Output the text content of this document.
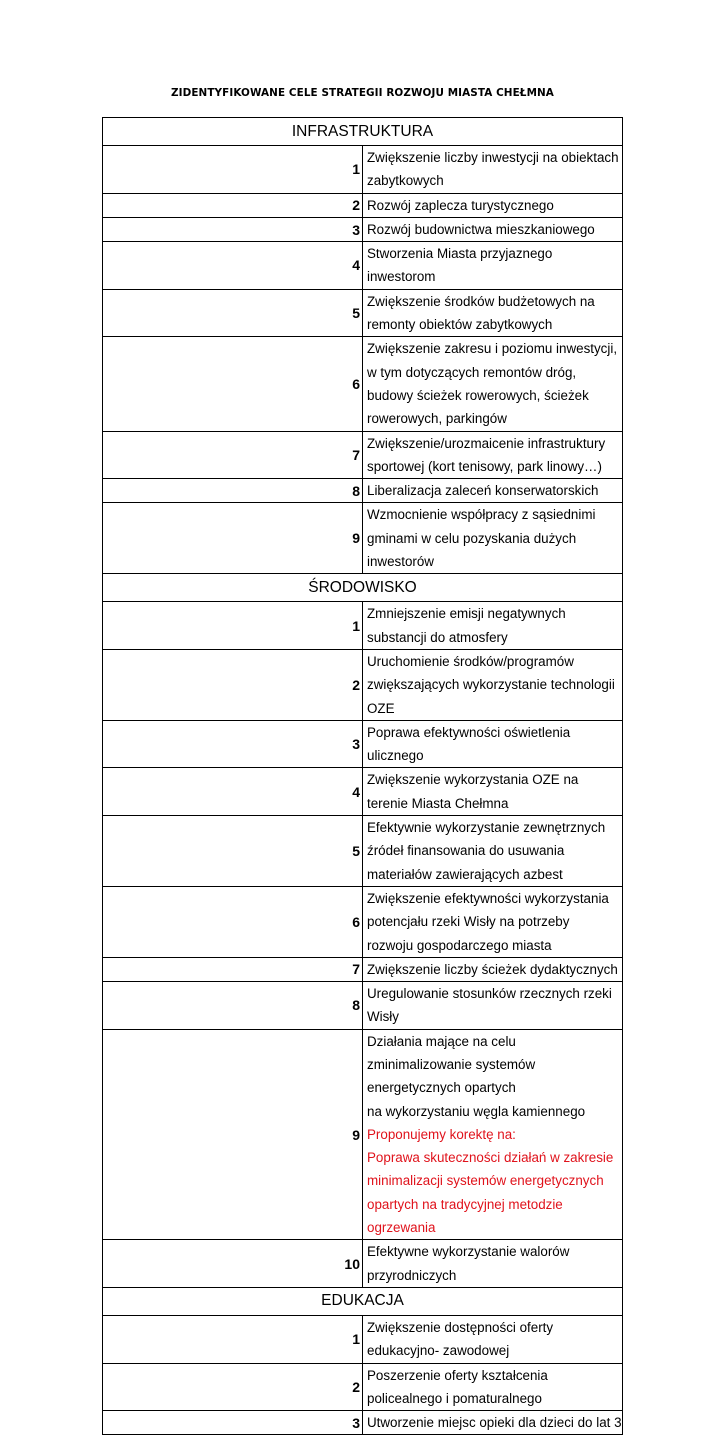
ZIDENTYFIKOWANE CELE STRATEGII ROZWOJU MIASTA CHEŁMNA
INFRASTRUKTURA	
1	Zwiększenie liczby inwestycji na obiektach zabytkowych

2	Rozwój zaplecza turystycznego

3	Rozwój budownictwa mieszkaniowego

4	Stworzenia Miasta przyjaznego inwestorom

5	Zwiększenie środków budżetowych na remonty obiektów zabytkowych

6	Zwiększenie zakresu i poziomu inwestycji, w tym dotyczących remontów dróg,
budowy ścieżek rowerowych, ścieżek rowerowych, parkingów

7	Zwiększenie/urozmaicenie infrastruktury sportowej (kort tenisowy, park linowy…)

8	Liberalizacja zaleceń konserwatorskich

9	Wzmocnienie współpracy z sąsiednimi gminami w celu pozyskania dużych
inwestorów

ŚRODOWISKO	
1	Zmniejszenie emisji negatywnych substancji do atmosfery

2	Uruchomienie środków/programów zwiększających wykorzystanie technologii OZE

3	Poprawa efektywności oświetlenia ulicznego

4	Zwiększenie wykorzystania OZE na terenie Miasta Chełmna

5	Efektywnie wykorzystanie zewnętrznych źródeł finansowania do usuwania
materiałów zawierających azbest

6	Zwiększenie efektywności wykorzystania potencjału rzeki Wisły na potrzeby
rozwoju gospodarczego miasta

7	Zwiększenie liczby ścieżek dydaktycznych

8	Uregulowanie stosunków rzecznych rzeki Wisły

9	Działania mające na celu zminimalizowanie systemów energetycznych opartych
na wykorzystaniu węgla kamiennego
Proponujemy korektę na:
Poprawa skuteczności działań w zakresie minimalizacji systemów energetycznych
opartych na tradycyjnej metodzie ogrzewania

10	Efektywne wykorzystanie walorów przyrodniczych

EDUKACJA	
1	Zwiększenie dostępności oferty edukacyjno- zawodowej

2	Poszerzenie oferty kształcenia policealnego i pomaturalnego

3	Utworzenie miejsc opieki dla dzieci do lat 3
